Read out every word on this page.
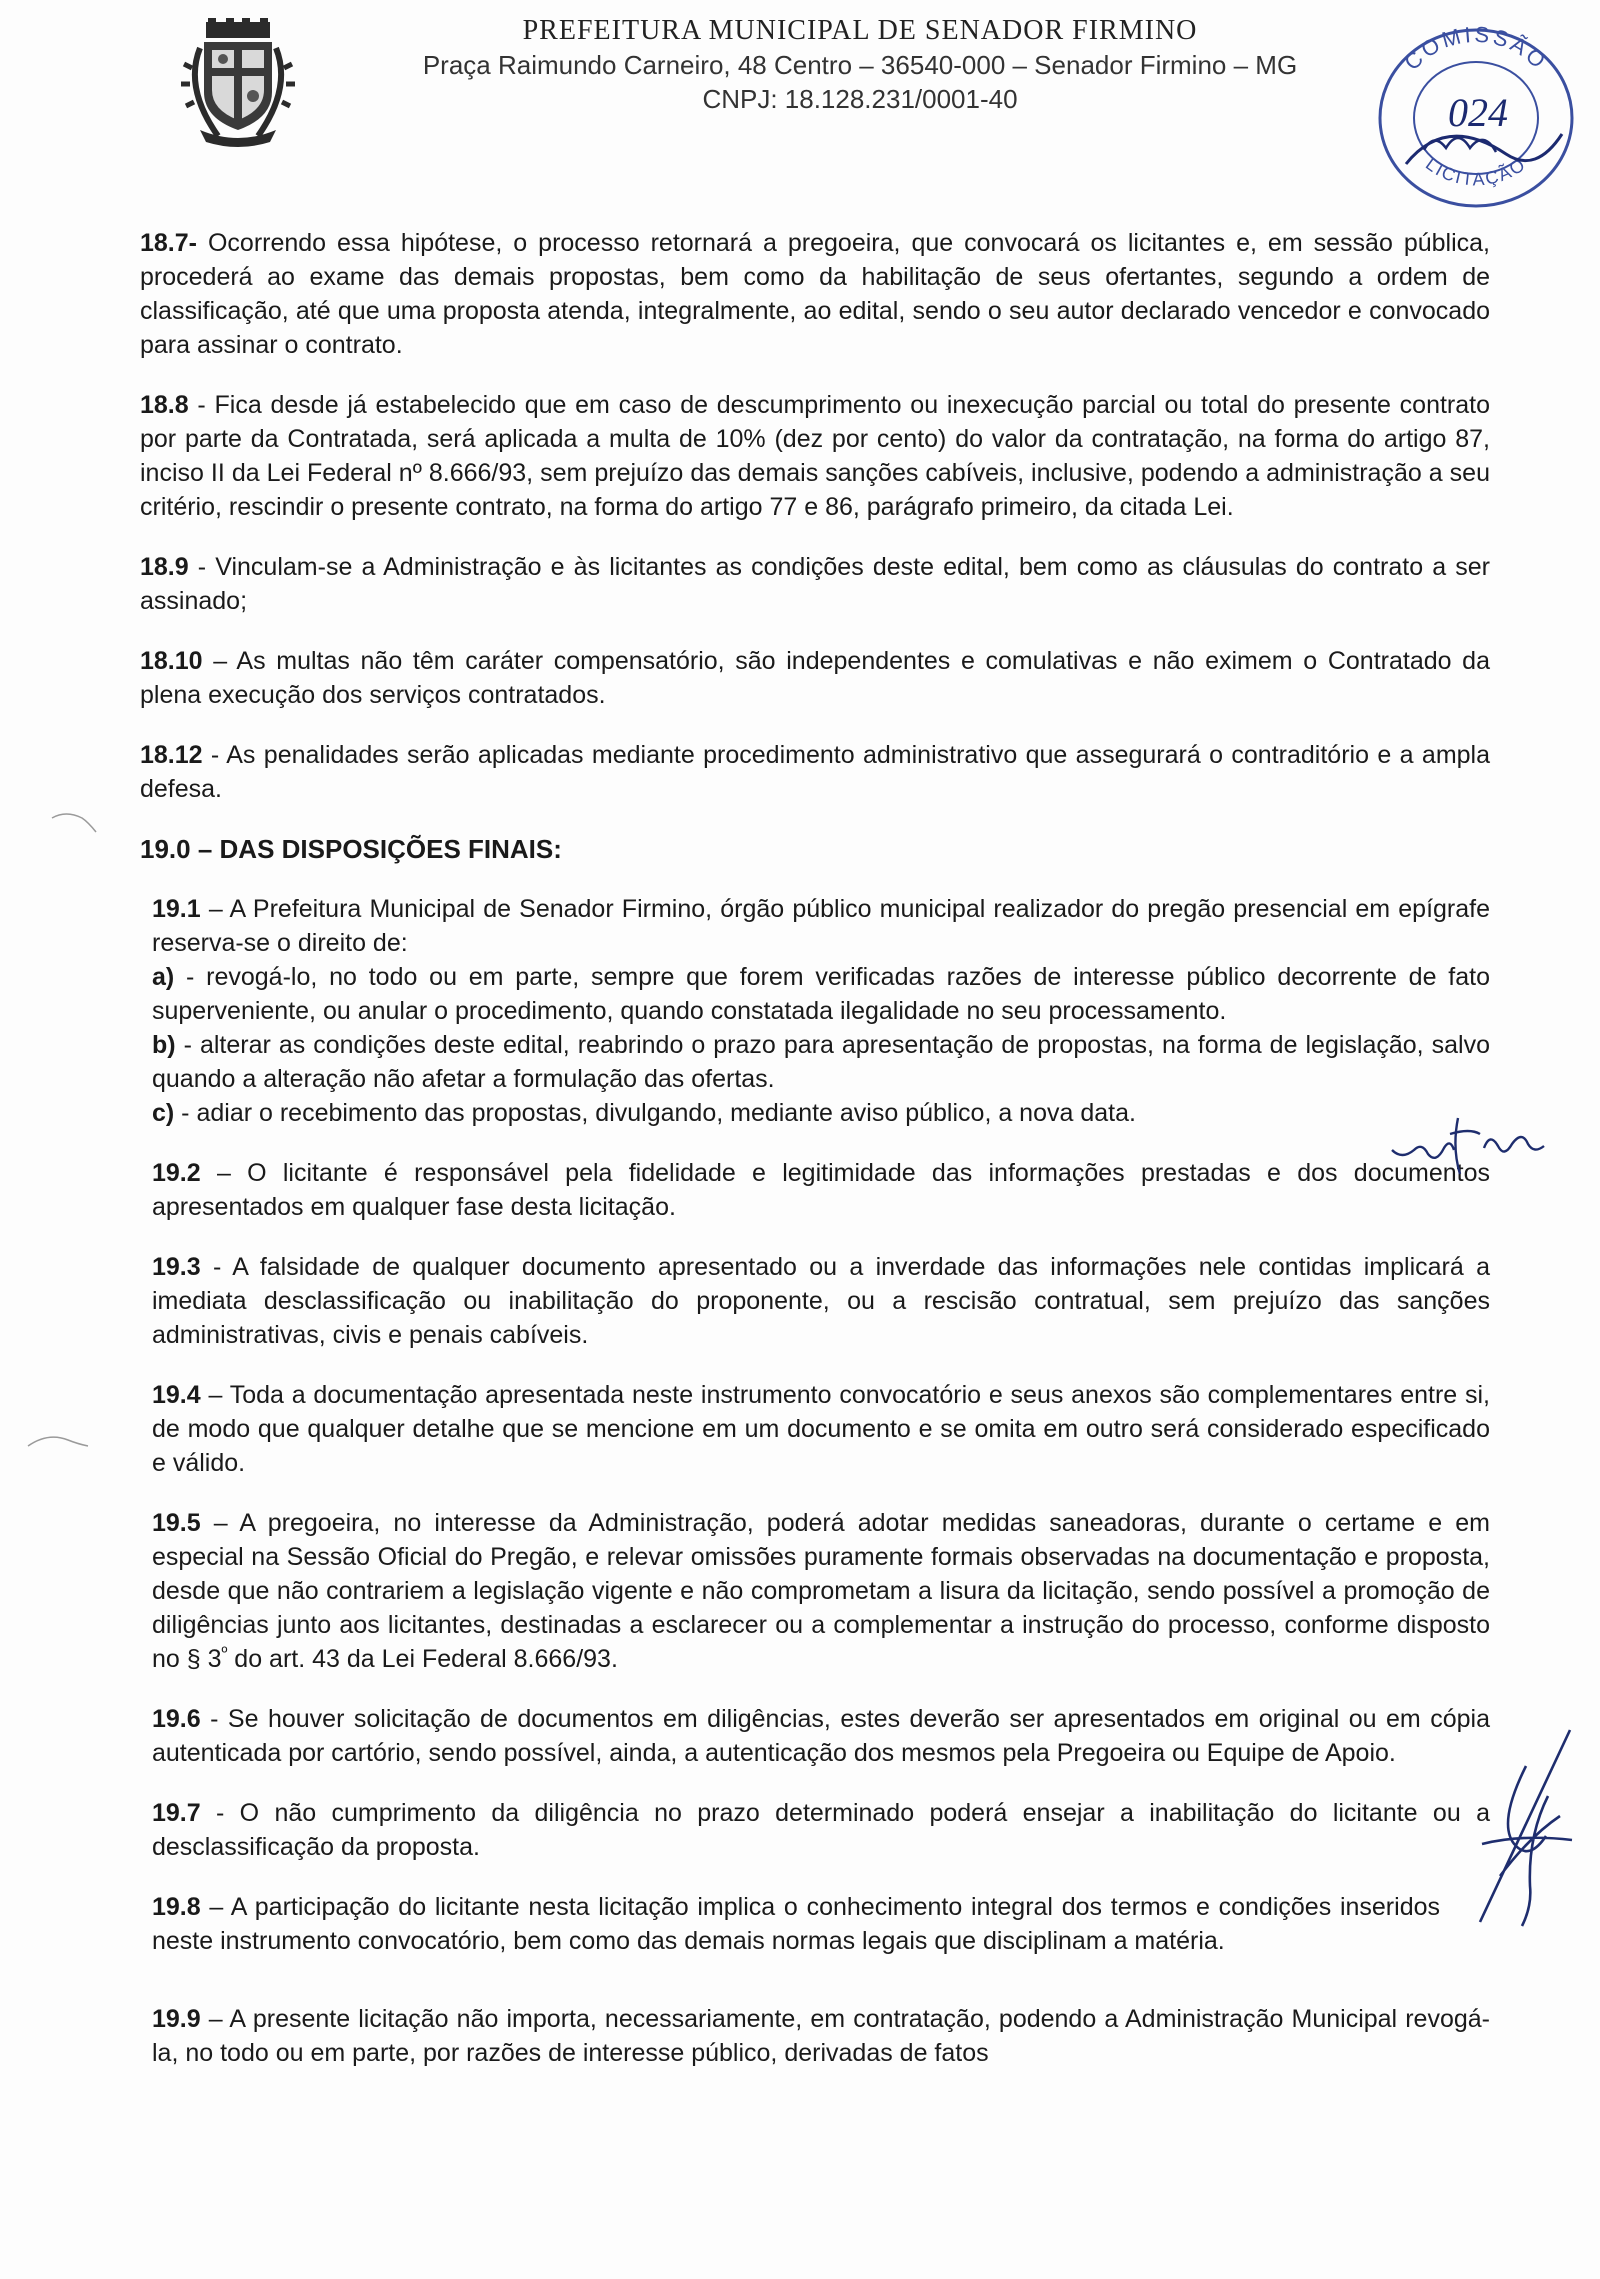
PREFEITURA MUNICIPAL DE SENADOR FIRMINO
Praça Raimundo Carneiro, 48 Centro – 36540-000 – Senador Firmino – MG
CNPJ: 18.128.231/0001-40
COMISSÃO
LICITAÇÃO
024

18.7- Ocorrendo essa hipótese, o processo retornará a pregoeira, que convocará os licitantes e, em sessão pública, procederá ao exame das demais propostas, bem como da habilitação de seus ofertantes, segundo a ordem de classificação, até que uma proposta atenda, integralmente, ao edital, sendo o seu autor declarado vencedor e convocado para assinar o contrato.

18.8 - Fica desde já estabelecido que em caso de descumprimento ou inexecução parcial ou total do presente contrato por parte da Contratada, será aplicada a multa de 10% (dez por cento) do valor da contratação, na forma do artigo 87, inciso II da Lei Federal nº 8.666/93, sem prejuízo das demais sanções cabíveis, inclusive, podendo a administração a seu critério, rescindir o presente contrato, na forma do artigo 77 e 86, parágrafo primeiro, da citada Lei.

18.9 - Vinculam-se a Administração e às licitantes as condições deste edital, bem como as cláusulas do contrato a ser assinado;

18.10 – As multas não têm caráter compensatório, são independentes e comulativas e não eximem o Contratado da plena execução dos serviços contratados.

18.12 - As penalidades serão aplicadas mediante procedimento administrativo que assegurará o contraditório e a ampla defesa.

19.0 – DAS DISPOSIÇÕES FINAIS:

19.1 – A Prefeitura Municipal de Senador Firmino, órgão público municipal realizador do pregão presencial em epígrafe reserva-se o direito de:

a) - revogá-lo, no todo ou em parte, sempre que forem verificadas razões de interesse público decorrente de fato superveniente, ou anular o procedimento, quando constatada ilegalidade no seu processamento.

b) - alterar as condições deste edital, reabrindo o prazo para apresentação de propostas, na forma de legislação, salvo quando a alteração não afetar a formulação das ofertas.

c) - adiar o recebimento das propostas, divulgando, mediante aviso público, a nova data.

19.2 – O licitante é responsável pela fidelidade e legitimidade das informações prestadas e dos documentos apresentados em qualquer fase desta licitação.

19.3 - A falsidade de qualquer documento apresentado ou a inverdade das informações nele contidas implicará a imediata desclassificação ou inabilitação do proponente, ou a rescisão contratual, sem prejuízo das sanções administrativas, civis e penais cabíveis.

19.4 – Toda a documentação apresentada neste instrumento convocatório e seus anexos são complementares entre si, de modo que qualquer detalhe que se mencione em um documento e se omita em outro será considerado especificado e válido.

19.5 – A pregoeira, no interesse da Administração, poderá adotar medidas saneadoras, durante o certame e em especial na Sessão Oficial do Pregão, e relevar omissões puramente formais observadas na documentação e proposta, desde que não contrariem a legislação vigente e não comprometam a lisura da licitação, sendo possível a promoção de diligências junto aos licitantes, destinadas a esclarecer ou a complementar a instrução do processo, conforme disposto no § $3^º$ do art. 43 da Lei Federal 8.666/93.

19.6 - Se houver solicitação de documentos em diligências, estes deverão ser apresentados em original ou em cópia autenticada por cartório, sendo possível, ainda, a autenticação dos mesmos pela Pregoeira ou Equipe de Apoio.

19.7 - O não cumprimento da diligência no prazo determinado poderá ensejar a inabilitação do licitante ou a desclassificação da proposta.

19.8 – A participação do licitante nesta licitação implica o conhecimento integral dos termos e condições inseridos neste instrumento convocatório, bem como das demais normas legais que disciplinam a matéria.

19.9 – A presente licitação não importa, necessariamente, em contratação, podendo a Administração Municipal revogá-la, no todo ou em parte, por razões de interesse público, derivadas de fatos
